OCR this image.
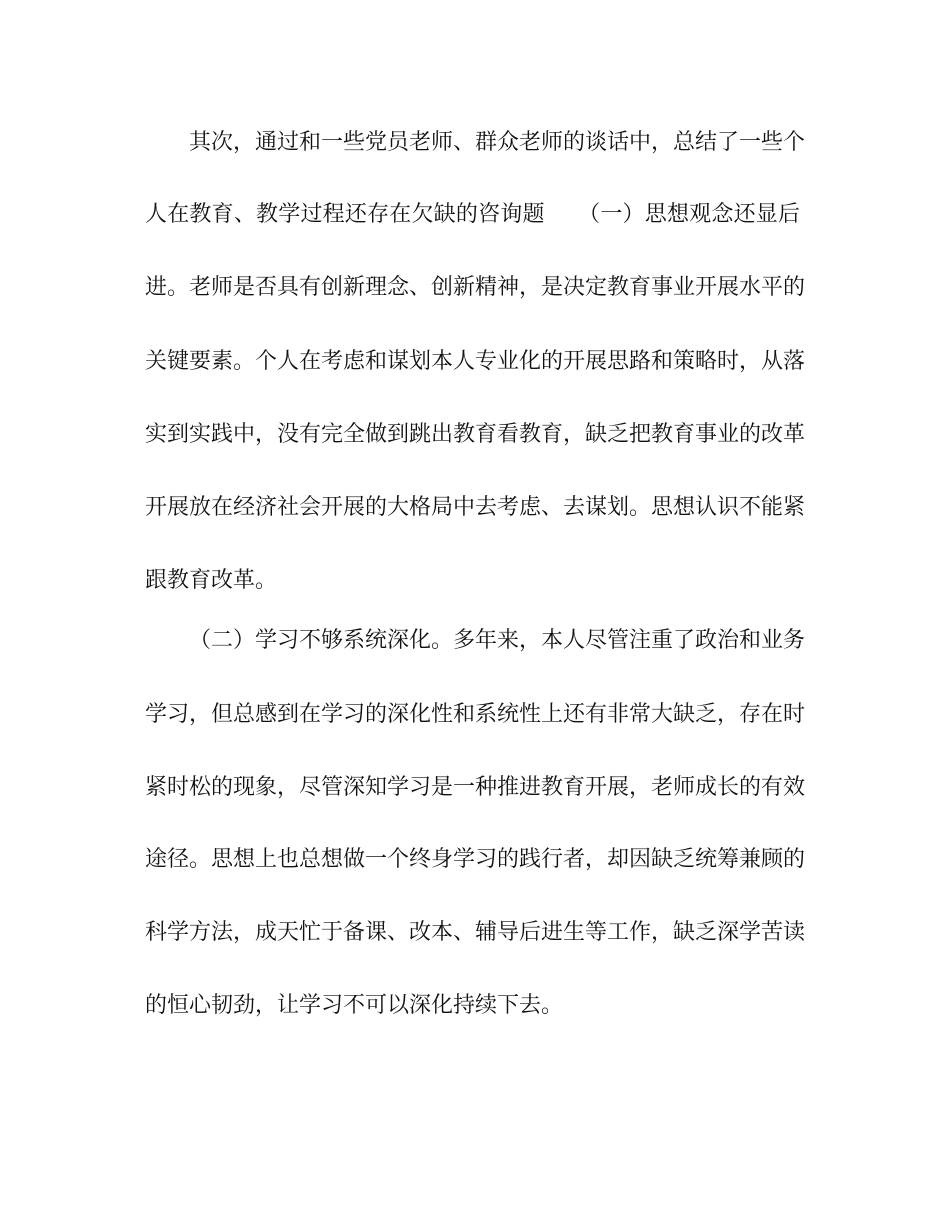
其次，通过和一些党员老师、群众老师的谈话中，总结了一些个
人在教育、教学过程还存在欠缺的咨询题　　（一）思想观念还显后
进。老师是否具有创新理念、创新精神，是决定教育事业开展水平的
关键要素。个人在考虑和谋划本人专业化的开展思路和策略时，从落
实到实践中，没有完全做到跳出教育看教育，缺乏把教育事业的改革
开展放在经济社会开展的大格局中去考虑、去谋划。思想认识不能紧
跟教育改革。
（二）学习不够系统深化。多年来，本人尽管注重了政治和业务
学习，但总感到在学习的深化性和系统性上还有非常大缺乏，存在时
紧时松的现象，尽管深知学习是一种推进教育开展，老师成长的有效
途径。思想上也总想做一个终身学习的践行者，却因缺乏统筹兼顾的
科学方法，成天忙于备课、改本、辅导后进生等工作，缺乏深学苦读
的恒心韧劲，让学习不可以深化持续下去。
